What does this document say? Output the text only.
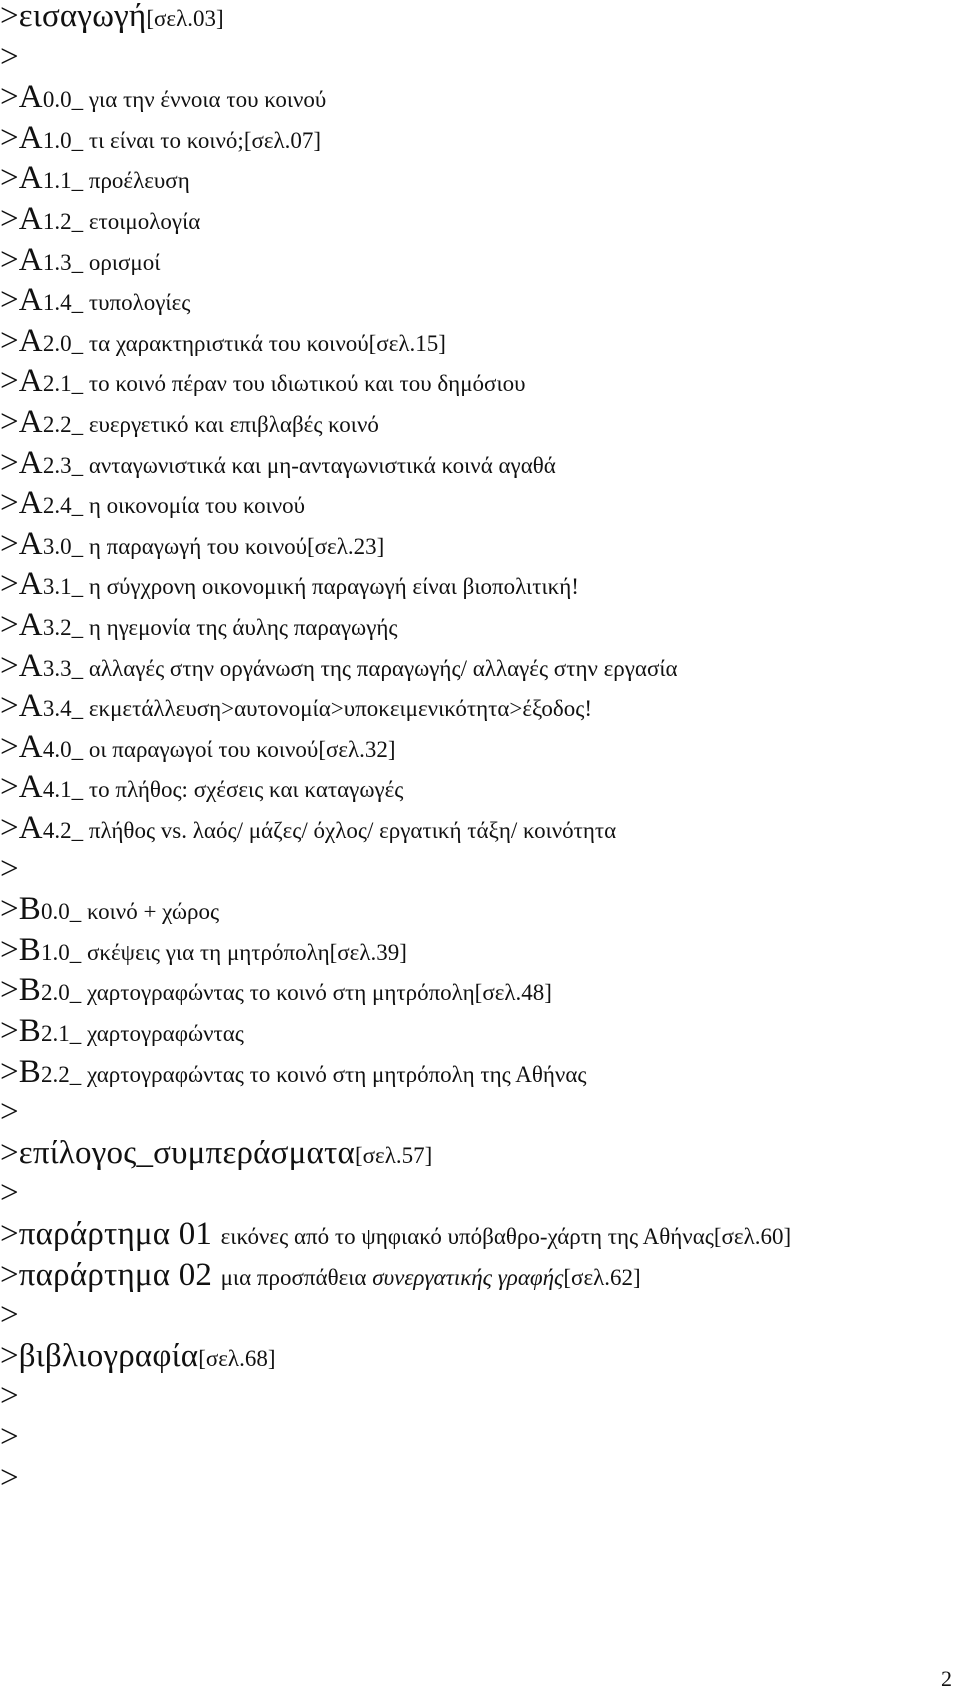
>εισαγωγή [σελ.03]
>
>A 0.0_ για την έννοια του κοινού
>A 1.0_ τι είναι το κοινό;[σελ.07]
>A 1.1_ προέλευση
>A 1.2_ ετοιμολογία
>A 1.3_ ορισμοί
>A 1.4_ τυπολογίες
>A 2.0_ τα χαρακτηριστικά του κοινού[σελ.15]
>A 2.1_ το κοινό πέραν του ιδιωτικού και του δημόσιου
>A 2.2_ ευεργετικό και επιβλαβές κοινό
>A 2.3_ ανταγωνιστικά και μη-ανταγωνιστικά κοινά αγαθά
>A 2.4_ η οικονομία του κοινού
>A 3.0_ η παραγωγή του κοινού[σελ.23]
>A 3.1_ η σύγχρονη οικονομική παραγωγή είναι βιοπολιτική!
>A 3.2_ η ηγεμονία της άυλης παραγωγής
>A 3.3_ αλλαγές στην οργάνωση της παραγωγής/ αλλαγές στην εργασία
>A 3.4_ εκμετάλλευση>αυτονομία>υποκειμενικότητα>έξοδος!
>A 4.0_ οι παραγωγοί του κοινού[σελ.32]
>A 4.1_ το πλήθος: σχέσεις και καταγωγές
>A 4.2_ πλήθος vs. λαός/ μάζες/ όχλος/ εργατική τάξη/ κοινότητα
>
>B 0.0_ κοινό + χώρος
>B 1.0_ σκέψεις για τη μητρόπολη[σελ.39]
>B 2.0_ χαρτογραφώντας το κοινό στη μητρόπολη[σελ.48]
>B 2.1_ χαρτογραφώντας
>B 2.2_ χαρτογραφώντας το κοινό στη μητρόπολη της Αθήνας
>
>επίλογος_συμπεράσματα [σελ.57]
>
>παράρτημα 01 εικόνες από το ψηφιακό υπόβαθρο-χάρτη της Αθήνας[σελ.60]
>παράρτημα 02 μια προσπάθεια συνεργατικής γραφής [σελ.62]
>
>βιβλιογραφία [σελ.68]
>
>
>
2
